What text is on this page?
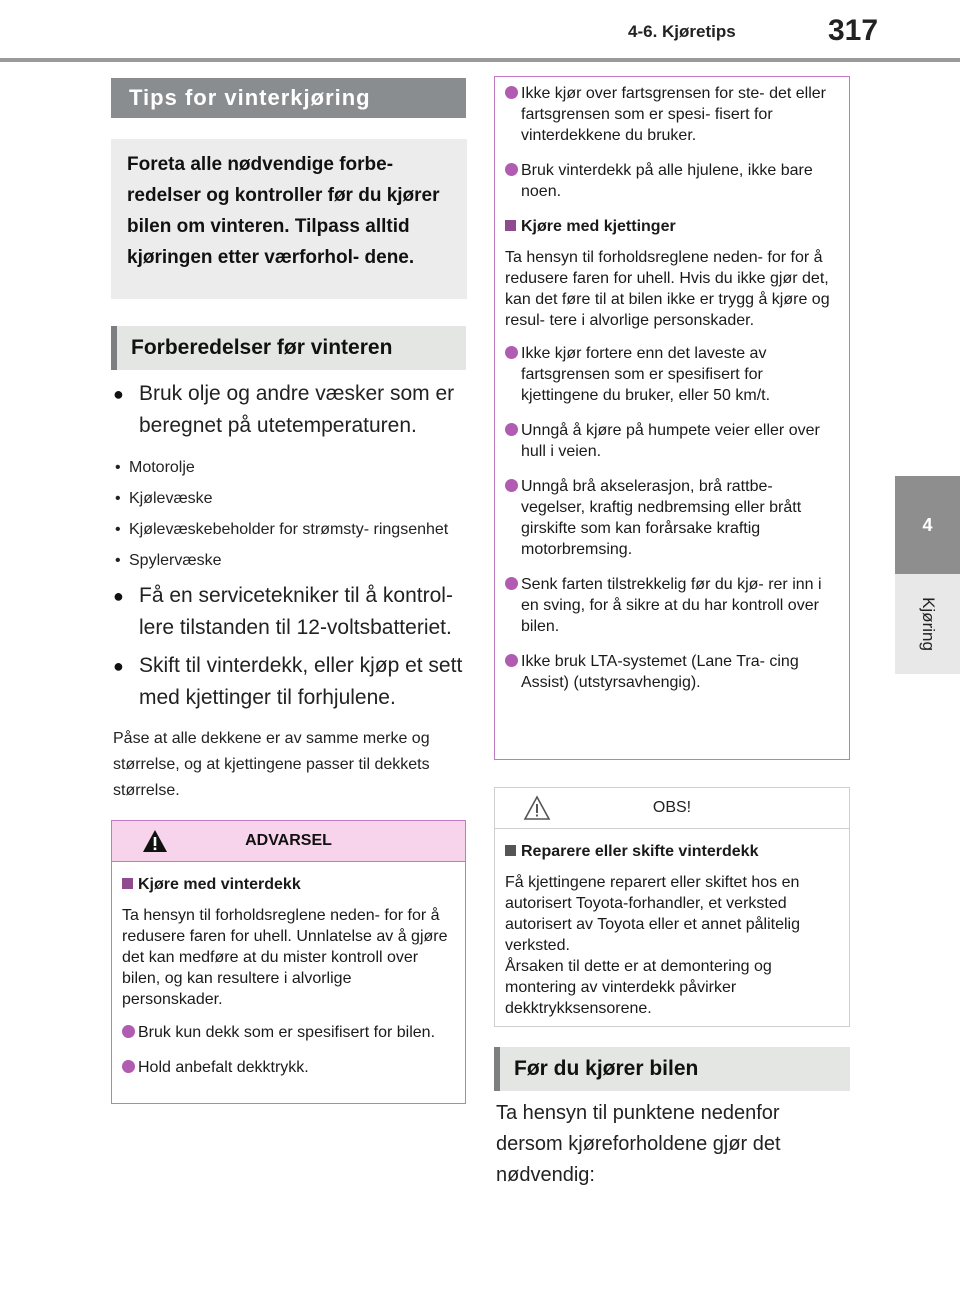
4-6. Kjøretips	317
4
Kjøring
Tips for vinterkjøring
Foreta alle nødvendige forbe- redelser og kontroller før du kjører bilen om vinteren. Tilpass alltid kjøringen etter værforhol- dene.
Forberedelser før vinteren
● Bruk olje og andre væsker som er beregnet på utetemperaturen.
• Motorolje
• Kjølevæske
• Kjølevæskebeholder for strømsty- ringsenhet
• Spylervæske
● Få en servicetekniker til å kontrol- lere tilstanden til 12-voltsbatteriet.
● Skift til vinterdekk, eller kjøp et sett med kjettinger til forhjulene.
Påse at alle dekkene er av samme merke og størrelse, og at kjettingene passer til dekkets størrelse.
ADVARSEL
Kjøre med vinterdekk
Ta hensyn til forholdsreglene neden- for for å redusere faren for uhell. Unnlatelse av å gjøre det kan medføre at du mister kontroll over bilen, og kan resultere i alvorlige personskader.
Bruk kun dekk som er spesifisert for bilen.
Hold anbefalt dekktrykk.
Ikke kjør over fartsgrensen for ste- det eller fartsgrensen som er spesi- fisert for vinterdekkene du bruker.
Bruk vinterdekk på alle hjulene, ikke bare noen.
Kjøre med kjettinger
Ta hensyn til forholdsreglene neden- for for å redusere faren for uhell. Hvis du ikke gjør det, kan det føre til at bilen ikke er trygg å kjøre og resul- tere i alvorlige personskader.
Ikke kjør fortere enn det laveste av fartsgrensen som er spesifisert for kjettingene du bruker, eller 50 km/t.
Unngå å kjøre på humpete veier eller over hull i veien.
Unngå brå akselerasjon, brå rattbe- vegelser, kraftig nedbremsing eller brått girskifte som kan forårsake kraftig motorbremsing.
Senk farten tilstrekkelig før du kjø- rer inn i en sving, for å sikre at du har kontroll over bilen.
Ikke bruk LTA-systemet (Lane Tra- cing Assist) (utstyrsavhengig).
OBS!
Reparere eller skifte vinterdekk
Få kjettingene reparert eller skiftet hos en autorisert Toyota-forhandler, et verksted autorisert av Toyota eller et annet pålitelig verksted.
Årsaken til dette er at demontering og montering av vinterdekk påvirker dekktrykksensorene.
Før du kjører bilen
Ta hensyn til punktene nedenfor dersom kjøreforholdene gjør det nødvendig:
